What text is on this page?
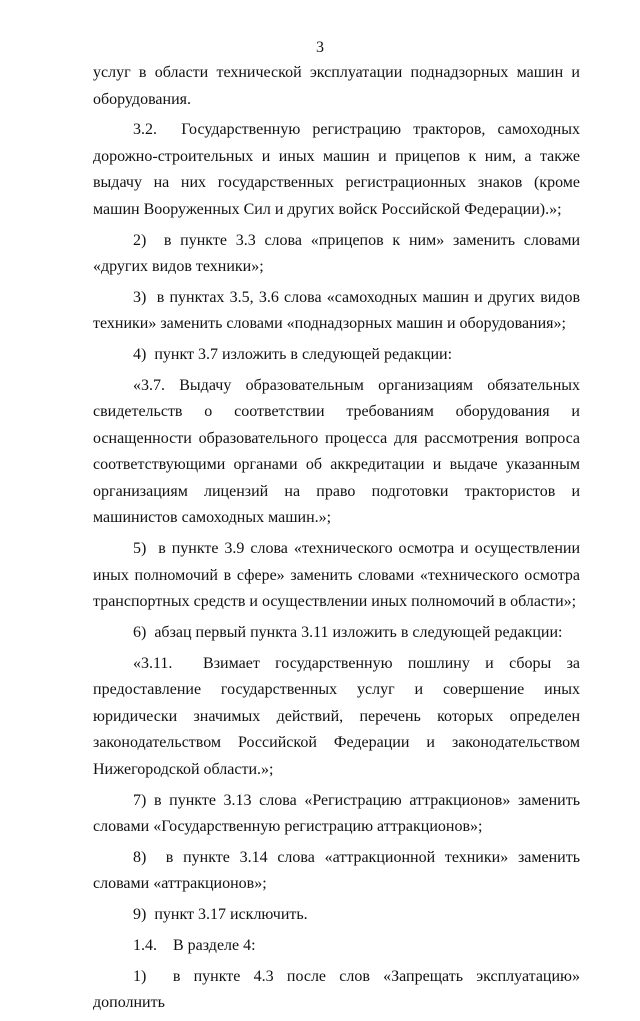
3

услуг в области технической эксплуатации поднадзорных машин и оборудования.

3.2.  Государственную регистрацию тракторов, самоходных дорожно-строительных и иных машин и прицепов к ним, а также выдачу на них государственных регистрационных знаков (кроме машин Вооруженных Сил и других войск Российской Федерации).»;

2)  в пункте 3.3 слова «прицепов к ним» заменить словами «других видов техники»;

3)  в пунктах 3.5, 3.6 слова «самоходных машин и других видов техники» заменить словами «поднадзорных машин и оборудования»;

4)  пункт 3.7 изложить в следующей редакции:

«3.7. Выдачу образовательным организациям обязательных свидетельств о соответствии требованиям оборудования и оснащенности образовательного процесса для рассмотрения вопроса соответствующими органами об аккредитации и выдаче указанным организациям лицензий на право подготовки трактористов и машинистов самоходных машин.»;

5)  в пункте 3.9 слова «технического осмотра и осуществлении иных полномочий в сфере» заменить словами «технического осмотра транспортных средств и осуществлении иных полномочий в области»;

6)  абзац первый пункта 3.11 изложить в следующей редакции:

«3.11.  Взимает государственную пошлину и сборы за предоставление государственных услуг и совершение иных юридически значимых действий, перечень которых определен законодательством Российской Федерации и законодательством Нижегородской области.»;

7) в пункте 3.13 слова «Регистрацию аттракционов» заменить словами «Государственную регистрацию аттракционов»;

8)  в пункте 3.14 слова «аттракционной техники» заменить словами «аттракционов»;

9)  пункт 3.17 исключить.

1.4.    В разделе 4:

1)  в пункте 4.3 после слов «Запрещать эксплуатацию» дополнить
